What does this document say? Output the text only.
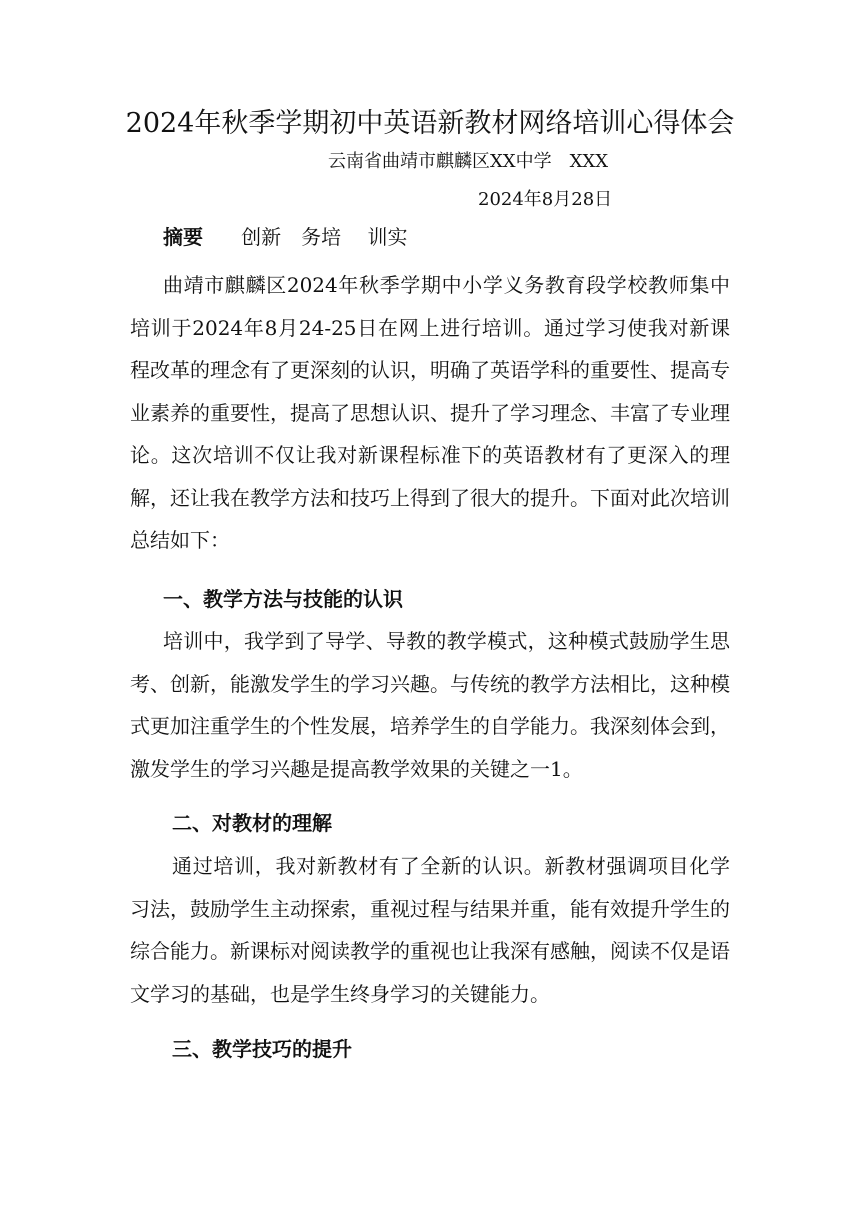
2024年秋季学期初中英语新教材网络培训心得体会
云南省曲靖市麒麟区XX中学　XXX
2024年8月28日
摘要 创新　务培　 训实

曲靖市麒麟区2024年秋季学期中小学义务教育段学校教师集中培训于2024年8月24-25日在网上进行培训。通过学习使我对新课程改革的理念有了更深刻的认识，明确了英语学科的重要性、提高专业素养的重要性，提高了思想认识、提升了学习理念、丰富了专业理论。这次培训不仅让我对新课程标准下的英语教材有了更深入的理解，还让我在教学方法和技巧上得到了很大的提升。下面对此次培训总结如下：

一、教学方法与技能的认识

培训中，我学到了导学、导教的教学模式，这种模式鼓励学生思考、创新，能激发学生的学习兴趣。与传统的教学方法相比，这种模式更加注重学生的个性发展，培养学生的自学能力。我深刻体会到，激发学生的学习兴趣是提高教学效果的关键之一1。

二、对教材的理解

通过培训，我对新教材有了全新的认识。新教材强调项目化学习法，鼓励学生主动探索，重视过程与结果并重，能有效提升学生的综合能力。新课标对阅读教学的重视也让我深有感触，阅读不仅是语文学习的基础，也是学生终身学习的关键能力。

三、教学技巧的提升
